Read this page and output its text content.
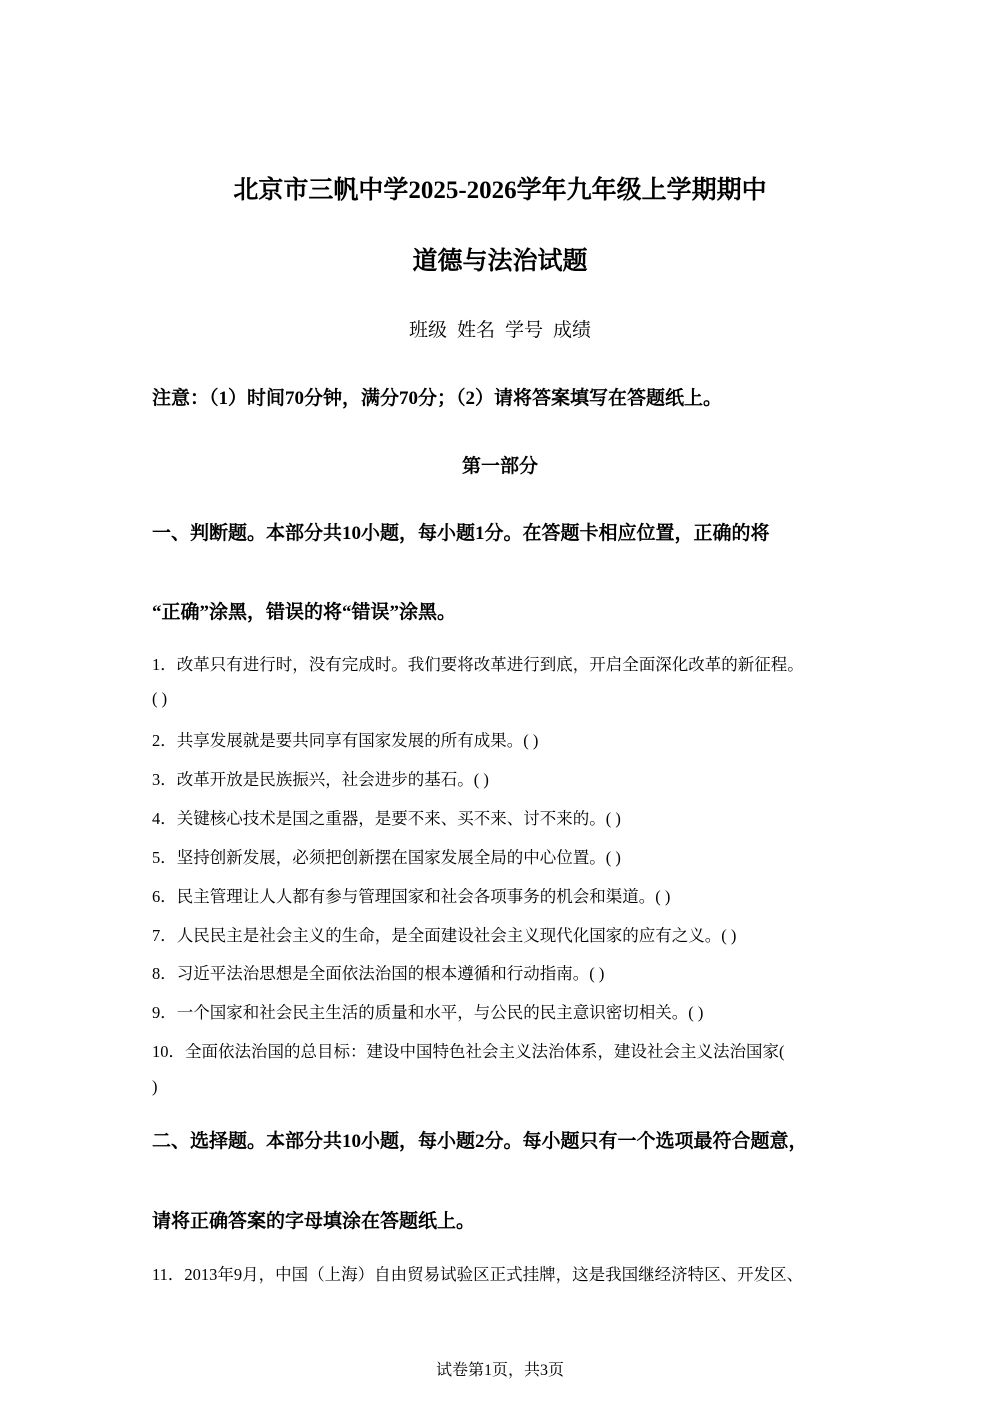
北京市三帆中学2025-2026学年九年级上学期期中
道德与法治试题
班级 姓名 学号 成绩
注意：（1）时间70分钟，满分70分；（2）请将答案填写在答题纸上。
第一部分
一、判断题。本部分共10小题，每小题1分。在答题卡相应位置，正确的将
“正确”涂黑，错误的将“错误”涂黑。
1．改革只有进行时，没有完成时。我们要将改革进行到底，开启全面深化改革的新征程。
( )
2．共享发展就是要共同享有国家发展的所有成果。( )
3．改革开放是民族振兴，社会进步的基石。( )
4．关键核心技术是国之重器，是要不来、买不来、讨不来的。( )
5．坚持创新发展，必须把创新摆在国家发展全局的中心位置。( )
6．民主管理让人人都有参与管理国家和社会各项事务的机会和渠道。( )
7．人民民主是社会主义的生命，是全面建设社会主义现代化国家的应有之义。( )
8．习近平法治思想是全面依法治国的根本遵循和行动指南。( )
9．一个国家和社会民主生活的质量和水平，与公民的民主意识密切相关。( )
10．全面依法治国的总目标：建设中国特色社会主义法治体系，建设社会主义法治国家(
)
二、选择题。本部分共10小题，每小题2分。每小题只有一个选项最符合题意，
请将正确答案的字母填涂在答题纸上。
11．2013年9月，中国（上海）自由贸易试验区正式挂牌，这是我国继经济特区、开发区、
试卷第1页，共3页
